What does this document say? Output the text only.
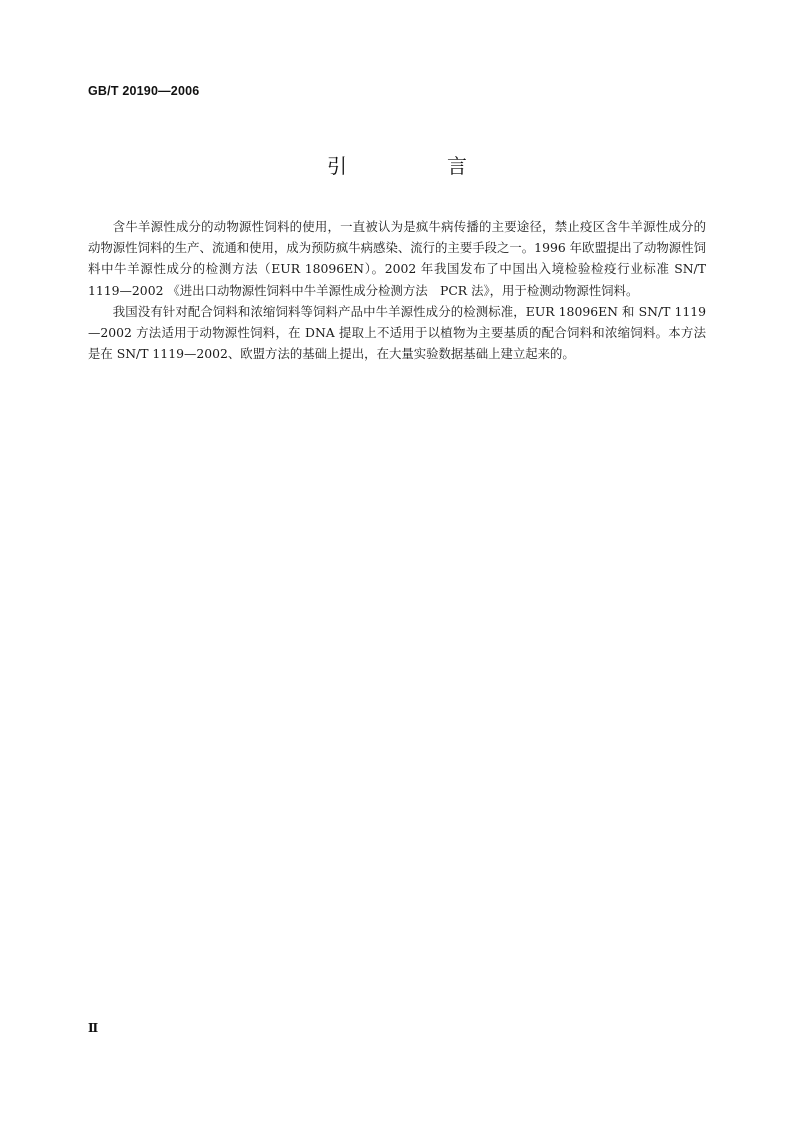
GB/T 20190—2006
引　言

含牛羊源性成分的动物源性饲料的使用，一直被认为是疯牛病传播的主要途径，禁止疫区含牛羊源性成分的动物源性饲料的生产、流通和使用，成为预防疯牛病感染、流行的主要手段之一。1996 年欧盟提出了动物源性饲料中牛羊源性成分的检测方法（EUR 18096EN）。2002 年我国发布了中国出入境检验检疫行业标准 SN/T 1119—2002 《进出口动物源性饲料中牛羊源性成分检测方法　PCR 法》，用于检测动物源性饲料。

我国没有针对配合饲料和浓缩饲料等饲料产品中牛羊源性成分的检测标准，EUR 18096EN 和 SN/T 1119—2002 方法适用于动物源性饲料，在 DNA 提取上不适用于以植物为主要基质的配合饲料和浓缩饲料。本方法是在 SN/T 1119—2002、欧盟方法的基础上提出，在大量实验数据基础上建立起来的。

Ⅱ
